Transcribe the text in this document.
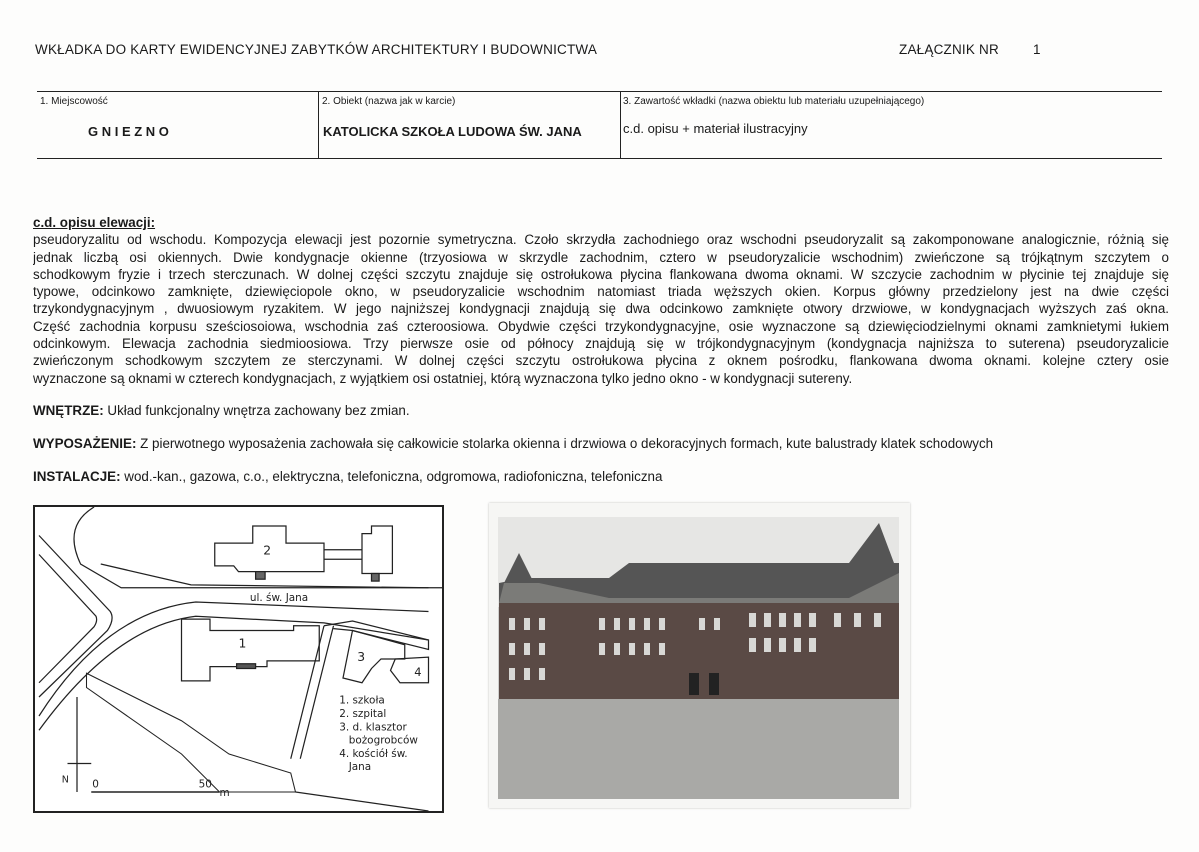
WKŁADKA DO KARTY EWIDENCYJNEJ ZABYTKÓW ARCHITEKTURY I BUDOWNICTWA	ZAŁĄCZNIK NR	1
1. Miejscowość
G N I E Z N O
2. Obiekt (nazwa jak w karcie)
KATOLICKA SZKOŁA LUDOWA ŚW. JANA
3. Zawartość wkładki (nazwa obiektu lub materiału uzupełniającego)
c.d. opisu + materiał ilustracyjny
c.d. opisu elewacji:
pseudoryzalitu od wschodu. Kompozycja elewacji jest pozornie symetryczna. Czoło skrzydła zachodniego oraz wschodni pseudoryzalit są zakomponowane analogicznie, różnią się
jednak liczbą osi okiennych. Dwie kondygnacje okienne (trzyosiowa w skrzydle zachodnim, cztero w pseudoryzalicie wschodnim) zwieńczone są trójkątnym szczytem o
schodkowym fryzie i trzech sterczunach. W dolnej części szczytu znajduje się ostrołukowa płycina flankowana dwoma oknami. W szczycie zachodnim w płycinie tej znajduje się
typowe, odcinkowo zamknięte, dziewięciopole okno, w pseudoryzalicie wschodnim natomiast triada węższych okien. Korpus główny przedzielony jest na dwie części
trzykondygnacyjnym , dwuosiowym ryzakitem. W jego najniższej kondygnacji znajdują się dwa odcinkowo zamknięte otwory drzwiowe, w kondygnacjach wyższych zaś okna.
Część zachodnia korpusu sześciosoiowa, wschodnia zaś czteroosiowa. Obydwie części trzykondygnacyjne, osie wyznaczone są dziewięciodzielnymi oknami zamknietymi łukiem
odcinkowym. Elewacja zachodnia siedmioosiowa. Trzy pierwsze osie od północy znajdują się w trójkondygnacyjnym (kondygnacja najniższa to suterena) pseudoryzalicie
zwieńczonym schodkowym szczytem ze sterczynami. W dolnej części szczytu ostrołukowa płycina z oknem pośrodku, flankowana dwoma oknami. kolejne cztery osie
wyznaczone są oknami w czterech kondygnacjach, z wyjątkiem osi ostatniej, którą wyznaczona tylko jedno okno - w kondygnacji sutereny.
WNĘTRZE: Układ funkcjonalny wnętrza zachowany bez zmian.
WYPOSAŻENIE: Z pierwotnego wyposażenia zachowała się całkowicie stolarka okienna i drzwiowa o dekoracyjnych formach, kute balustrady klatek schodowych
INSTALACJE: wod.-kan., gazowa, c.o., elektryczna, telefoniczna, odgromowa, radiofoniczna, telefoniczna
2
1
3
4
ul. św. Jana
1. szkoła
2. szpital
3. d. klasztor
bożogrobców
4. kościół św.
Jana
N 0	50
m
